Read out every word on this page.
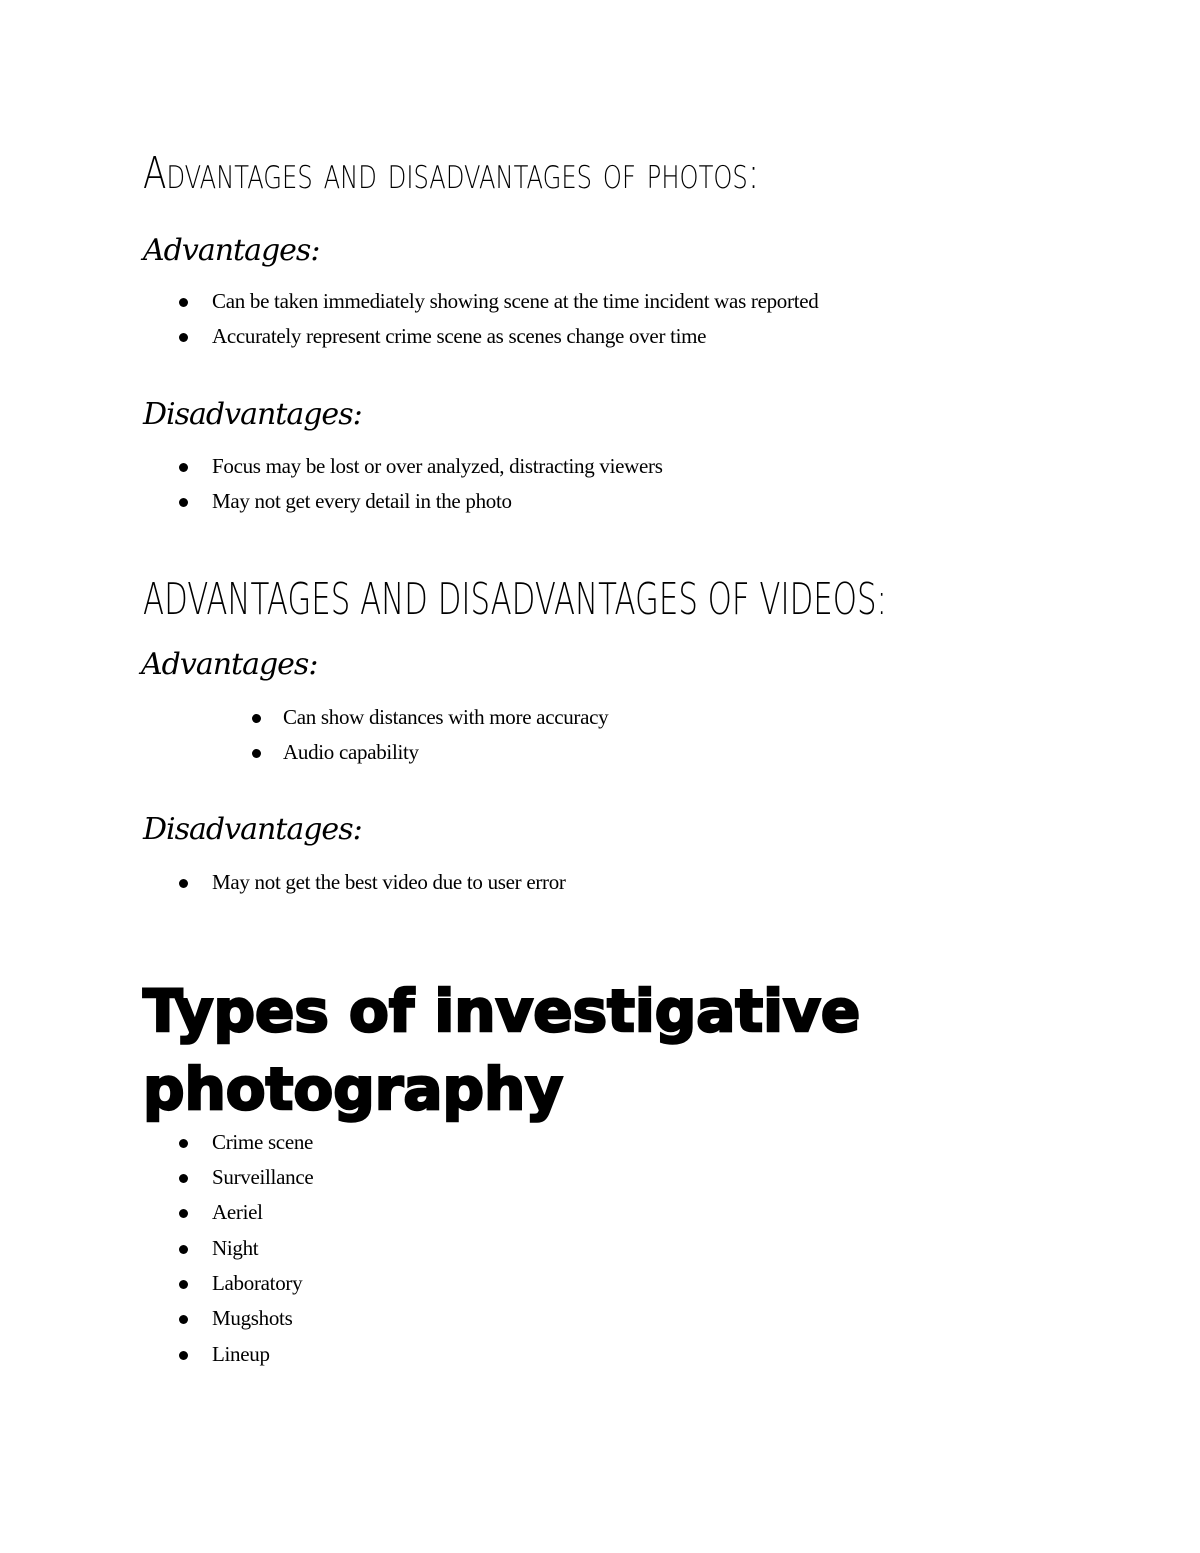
Advantages and disadvantages of photos:
Advantages:
Can be taken immediately showing scene at the time incident was reported
Accurately represent crime scene as scenes change over time
Disadvantages:
Focus may be lost or over analyzed, distracting viewers
May not get every detail in the photo
ADVANTAGES AND DISADVANTAGES OF VIDEOS:
Advantages:
Can show distances with more accuracy
Audio capability
Disadvantages:
May not get the best video due to user error
Types of investigative
photography
Crime scene
Surveillance
Aeriel
Night
Laboratory
Mugshots
Lineup
